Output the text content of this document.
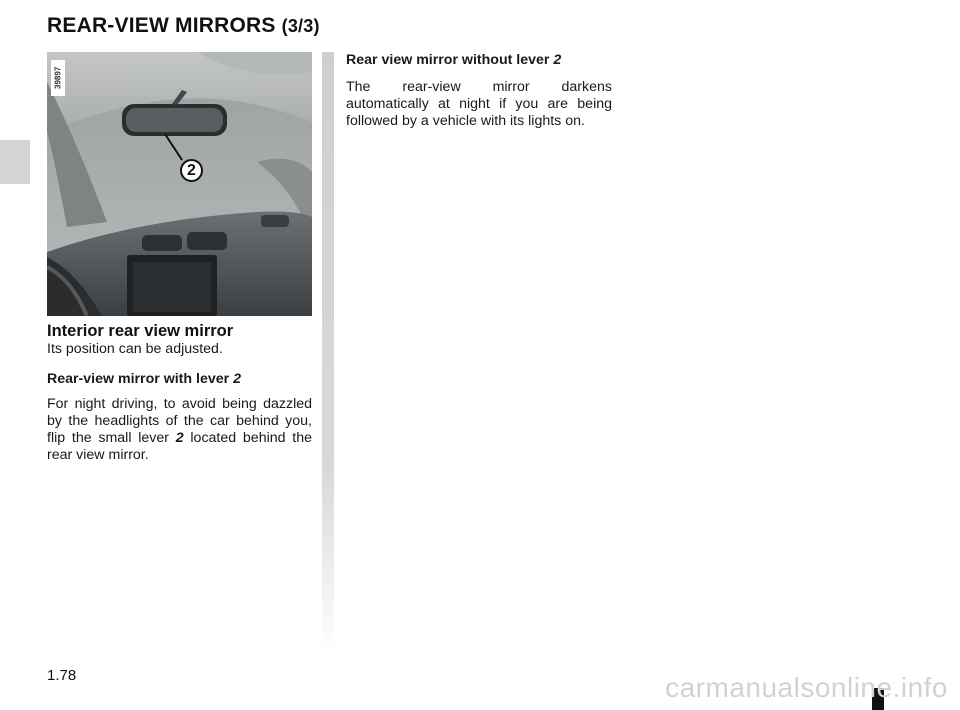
REAR-VIEW MIRRORS (3/3)
39897
2
Interior rear view mirror

Its position can be adjusted.

Rear-view mirror with lever 2

For night driving, to avoid being dazzled by the headlights of the car behind you, flip the small lever 2 located behind the rear view mirror.

Rear view mirror without lever 2

The rear-view mirror darkens automatically at night if you are being followed by a vehicle with its lights on.

1.78	carmanualsonline.info
